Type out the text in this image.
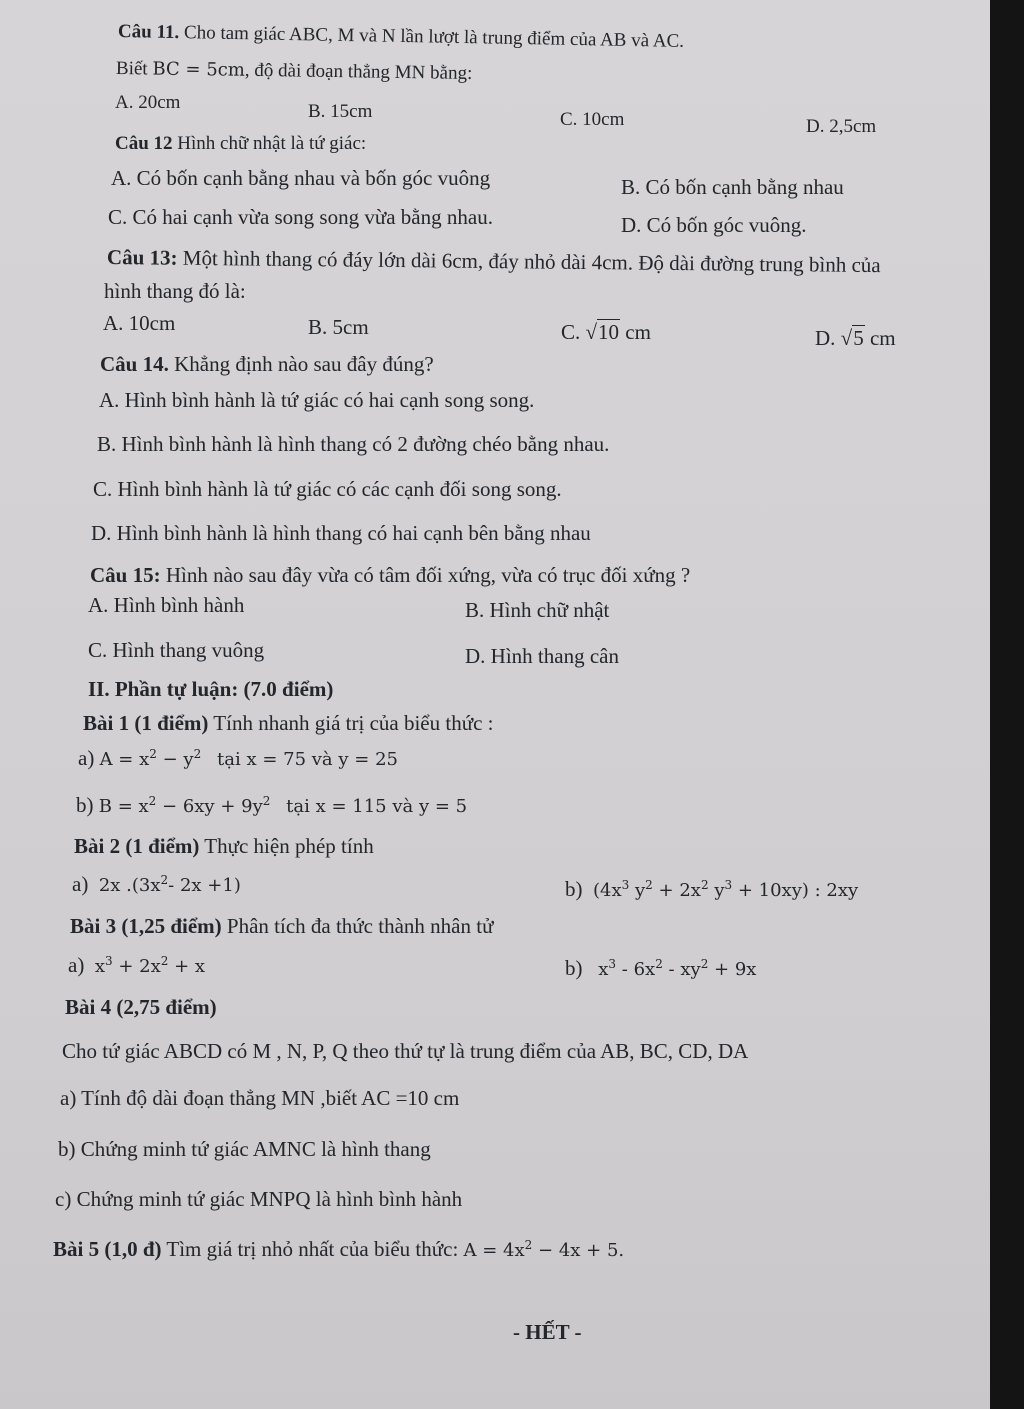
Câu 11. Cho tam giác ABC, M và N lần lượt là trung điểm của AB và AC.
Biết BC = 5cm, độ dài đoạn thẳng MN bằng:
A. 20cm	B. 15cm	C. 10cm	D. 2,5cm
Câu 12 Hình chữ nhật là tứ giác:
A. Có bốn cạnh bằng nhau và bốn góc vuông	B. Có bốn cạnh bằng nhau
C. Có hai cạnh vừa song song vừa bằng nhau.	D. Có bốn góc vuông.
Câu 13: Một hình thang có đáy lớn dài 6cm, đáy nhỏ dài 4cm. Độ dài đường trung bình của
hình thang đó là:
A. 10cm	B. 5cm	C. √10 cm	D. √5 cm
Câu 14. Khẳng định nào sau đây đúng?
A. Hình bình hành là tứ giác có hai cạnh song song.
B. Hình bình hành là hình thang có 2 đường chéo bằng nhau.
C. Hình bình hành là tứ giác có các cạnh đối song song.
D. Hình bình hành là hình thang có hai cạnh bên bằng nhau
Câu 15: Hình nào sau đây vừa có tâm đối xứng, vừa có trục đối xứng ?
A. Hình bình hành	B. Hình chữ nhật
C. Hình thang vuông	D. Hình thang cân
II. Phần tự luận: (7.0 điểm)
Bài 1 (1 điểm) Tính nhanh giá trị của biểu thức :
a) $A = x^2 - y^2$ tại x = 75 và y = 25
b) $B = x^2 - 6xy + 9y^2$ tại x = 115 và y = 5
Bài 2 (1 điểm) Thực hiện phép tính
a) 2x $.(3x^2-$ 2x +1)	b) ($4x^3$ $y^2 + 2x^2$ $y^3 + 10xy$) : 2xy
Bài 3 (1,25 điểm) Phân tích đa thức thành nhân tử
a) $x^3 + 2x^2 + x$	b) $x^3 - 6x^2 - xy^2 + 9x$
Bài 4 (2,75 điểm)
Cho tứ giác ABCD có M , N, P, Q theo thứ tự là trung điểm của AB, BC, CD, DA
a) Tính độ dài đoạn thẳng MN ,biết AC =10 cm
b) Chứng minh tứ giác AMNC là hình thang
c) Chứng minh tứ giác MNPQ là hình bình hành
Bài 5 (1,0 đ) Tìm giá trị nhỏ nhất của biểu thức: $A = 4x^2 - 4x + 5$.
- HẾT -
